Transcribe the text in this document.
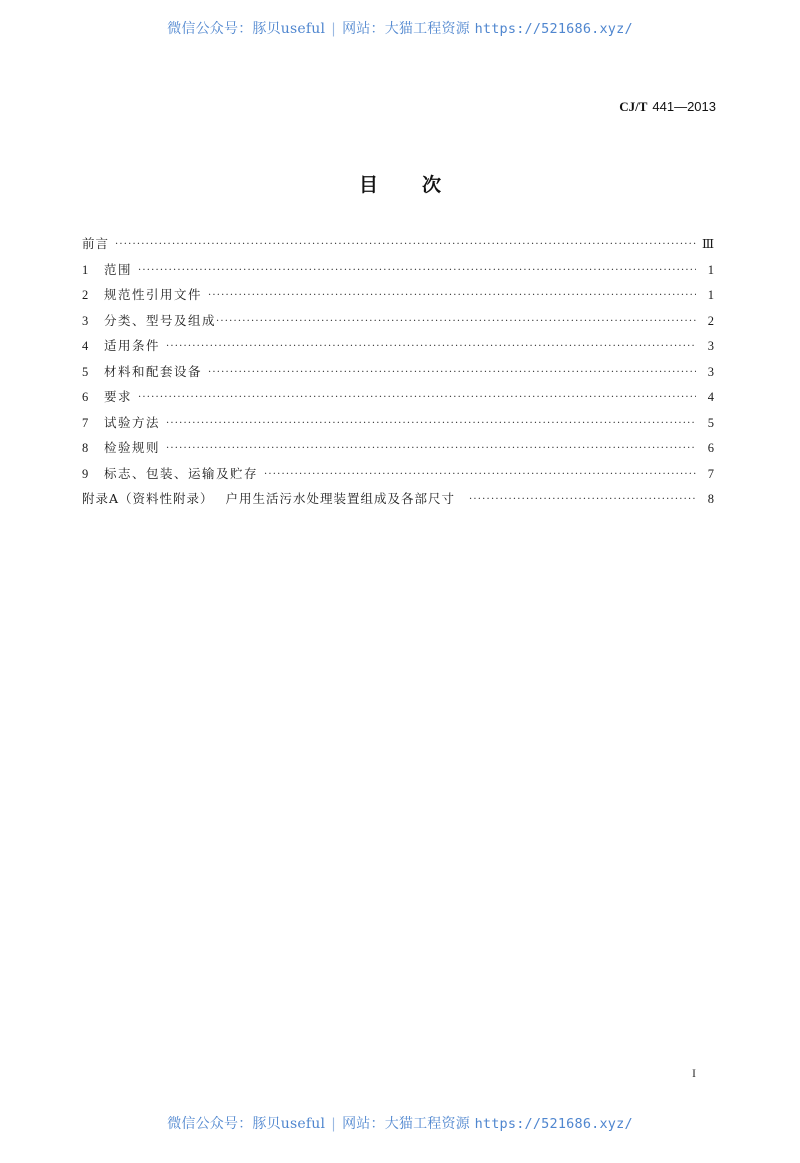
微信公众号：豚贝useful | 网站：大猫工程资源 https://521686.xyz/
CJ/T 441—2013
目次
前言 ·····	Ⅲ
1	范围 ·····	1
2	规范性引用文件 ·····	1
3	分类、型号及组成 ·····	2
4	适用条件 ·····	3
5	材料和配套设备 ·····	3
6	要求 ·····	4
7	试验方法 ·····	5
8	检验规则 ·····	6
9	标志、包装、运输及贮存 ·····	7
附录A（资料性附录） 户用生活污水处理装置组成及各部尺寸 ·····	8
I
微信公众号：豚贝useful | 网站：大猫工程资源 https://521686.xyz/
